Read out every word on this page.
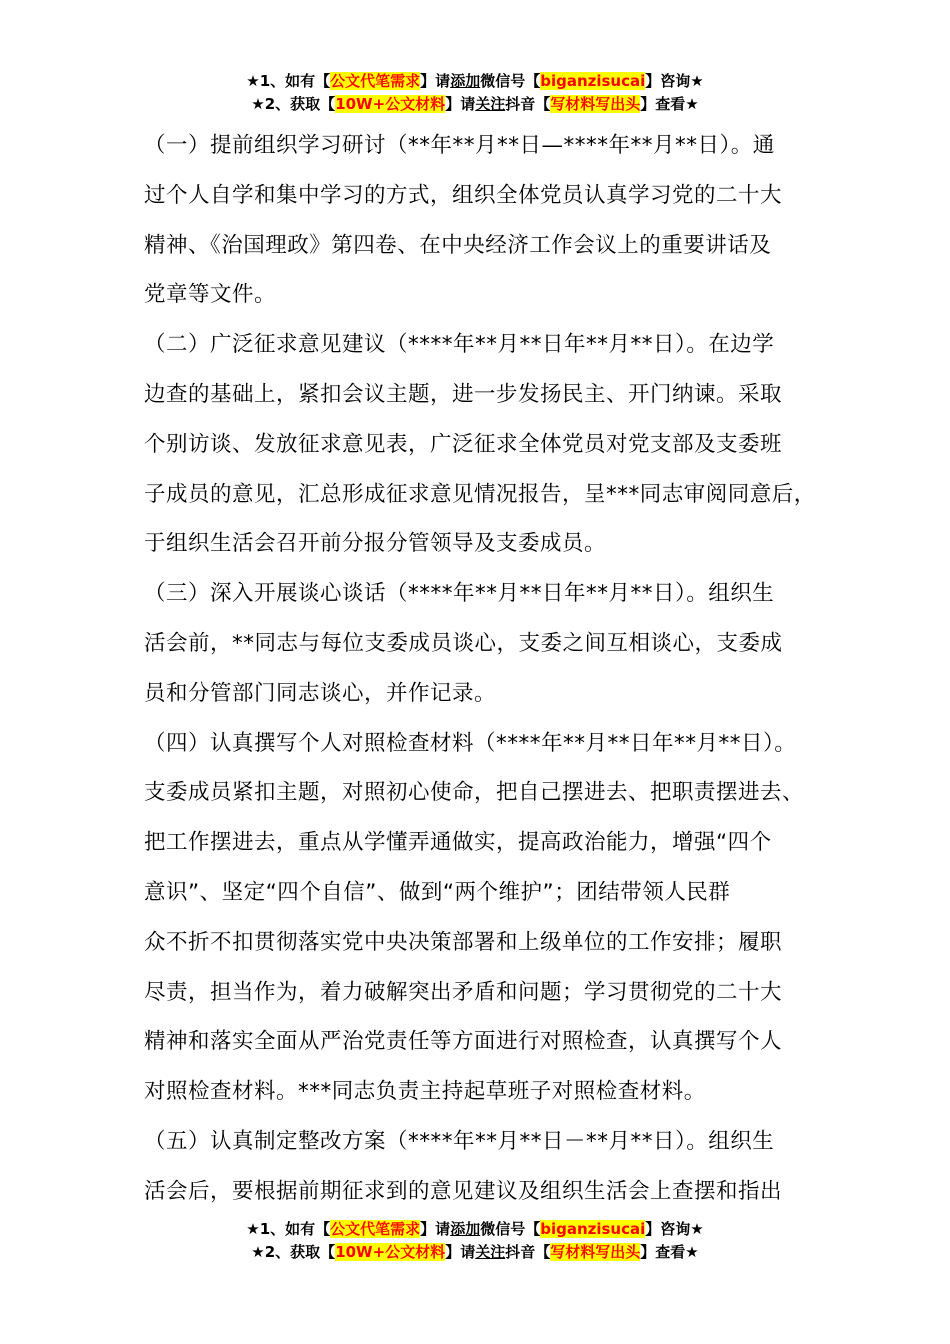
★1、如有【公文代笔需求】请添加微信号【biganzisucai】咨询★
★2、获取【10W+公文材料】请关注抖音【写材料写出头】查看★

（一）提前组织学习研讨（**年**月**日—****年**月**日）。通
过个人自学和集中学习的方式，组织全体党员认真学习党的二十大
精神、《治国理政》第四卷、在中央经济工作会议上的重要讲话及
党章等文件。

（二）广泛征求意见建议（****年**月**日年**月**日）。在边学
边查的基础上，紧扣会议主题，进一步发扬民主、开门纳谏。采取
个别访谈、发放征求意见表，广泛征求全体党员对党支部及支委班
子成员的意见，汇总形成征求意见情况报告，呈***同志审阅同意后，
于组织生活会召开前分报分管领导及支委成员。

（三）深入开展谈心谈话（****年**月**日年**月**日）。组织生
活会前，**同志与每位支委成员谈心，支委之间互相谈心，支委成
员和分管部门同志谈心，并作记录。

（四）认真撰写个人对照检查材料（****年**月**日年**月**日）。
支委成员紧扣主题，对照初心使命，把自己摆进去、把职责摆进去、
把工作摆进去，重点从学懂弄通做实，提高政治能力，增强“四个
意识”、坚定“四个自信”、做到“两个维护”；团结带领人民群
众不折不扣贯彻落实党中央决策部署和上级单位的工作安排；履职
尽责，担当作为，着力破解突出矛盾和问题；学习贯彻党的二十大
精神和落实全面从严治党责任等方面进行对照检查，认真撰写个人
对照检查材料。***同志负责主持起草班子对照检查材料。

（五）认真制定整改方案（****年**月**日－**月**日）。组织生
活会后，要根据前期征求到的意见建议及组织生活会上查摆和指出

★1、如有【公文代笔需求】请添加微信号【biganzisucai】咨询★
★2、获取【10W+公文材料】请关注抖音【写材料写出头】查看★
